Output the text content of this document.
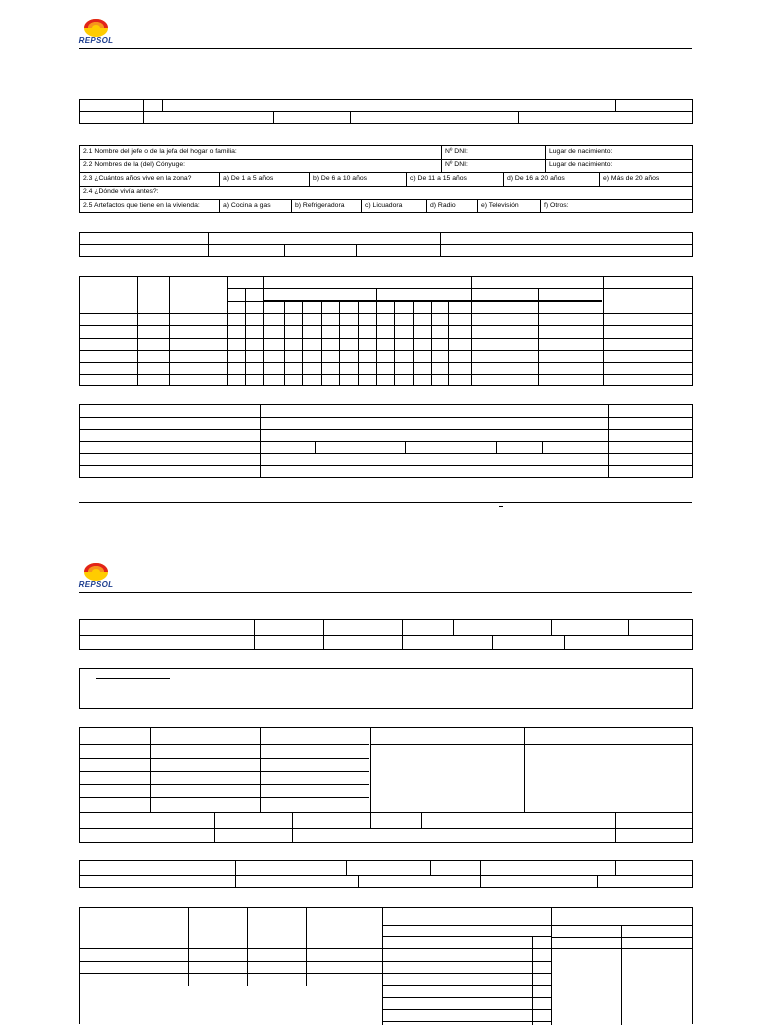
REPSOL
2.1 Nombre del jefe o de la jefa del hogar o familia:	Nº DNI:	Lugar de nacimiento:
2.2 Nombres de la (del) Cónyuge:	Nº DNI:	Lugar de nacimiento:
2.3 ¿Cuántos años vive en la zona?	a) De 1 a 5 años	b) De 6 a 10 años	c) De 11 a 15 años	d) De 16 a 20 años	e) Más de 20 años
2.4 ¿Dónde vivía antes?:
2.5 Artefactos que tiene en la vivienda:	a) Cocina a gas	b) Refrigeradora	c) Licuadora	d) Radio	e) Televisión	f) Otros:
REPSOL
